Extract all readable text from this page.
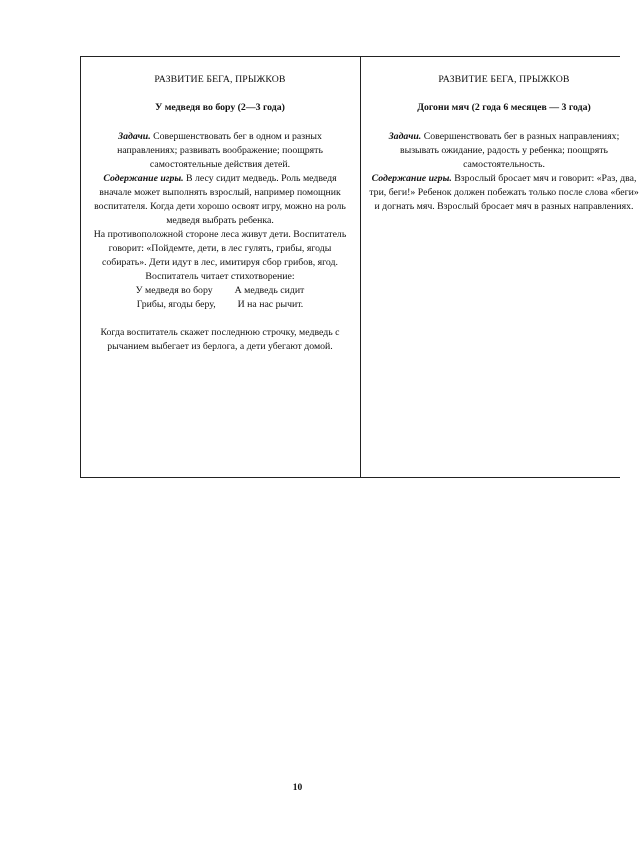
РАЗВИТИЕ БЕГА, ПРЫЖКОВ
У медведя во бору (2—3 года)

Задачи. Совершенствовать бег в одном и разных направлениях; развивать воображение; поощрять самостоятельные действия детей.

Содержание игры. В лесу сидит медведь. Роль медведя вначале может выполнять взрослый, например помощник воспитателя. Когда дети хорошо освоят игру, можно на роль медведя выбрать ребенка.

На противоположной стороне леса живут дети. Воспитатель говорит: «Пойдемте, дети, в лес гулять, грибы, ягоды собирать». Дети идут в лес, имитируя сбор грибов, ягод. Воспитатель читает стихотворение:

У медведя во бору А медведь сидит
Грибы, ягоды беру, И на нас рычит.

Когда воспитатель скажет последнюю строчку, медведь с рычанием выбегает из берлога, а дети убегают домой.

РАЗВИТИЕ БЕГА, ПРЫЖКОВ
Догони мяч (2 года 6 месяцев — 3 года)

Задачи. Совершенствовать бег в разных направлениях; вызывать ожидание, радость у ребенка; поощрять самостоятельность.

Содержание игры. Взрослый бросает мяч и говорит: «Раз, два, три, беги!» Ребенок должен побежать только после слова «беги» и догнать мяч. Взрослый бросает мяч в разных направлениях.

10
